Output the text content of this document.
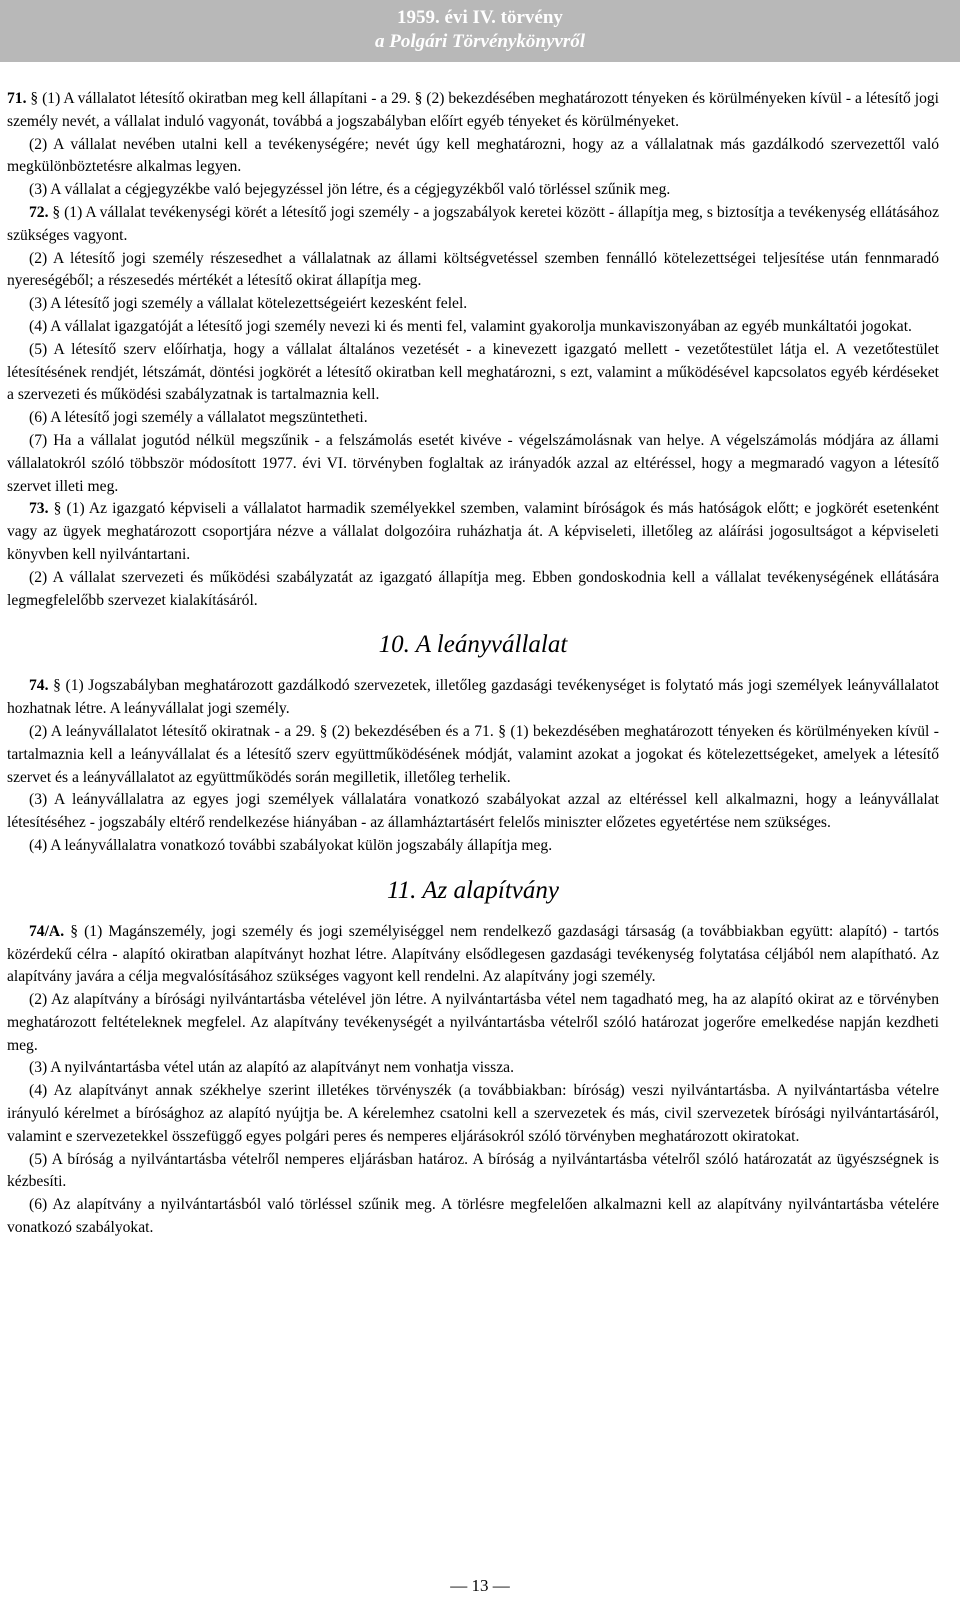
1959. évi IV. törvény
a Polgári Törvénykönyvről

71. § (1) A vállalatot létesítő okiratban meg kell állapítani - a 29. § (2) bekezdésében meghatározott tényeken és körülményeken kívül - a létesítő jogi személy nevét, a vállalat induló vagyonát, továbbá a jogszabályban előírt egyéb tényeket és körülményeket.

(2) A vállalat nevében utalni kell a tevékenységére; nevét úgy kell meghatározni, hogy az a vállalatnak más gazdálkodó szervezettől való megkülönböztetésre alkalmas legyen.

(3) A vállalat a cégjegyzékbe való bejegyzéssel jön létre, és a cégjegyzékből való törléssel szűnik meg.

72. § (1) A vállalat tevékenységi körét a létesítő jogi személy - a jogszabályok keretei között - állapítja meg, s biztosítja a tevékenység ellátásához szükséges vagyont.

(2) A létesítő jogi személy részesedhet a vállalatnak az állami költségvetéssel szemben fennálló kötelezettségei teljesítése után fennmaradó nyereségéből; a részesedés mértékét a létesítő okirat állapítja meg.

(3) A létesítő jogi személy a vállalat kötelezettségeiért kezesként felel.

(4) A vállalat igazgatóját a létesítő jogi személy nevezi ki és menti fel, valamint gyakorolja munkaviszonyában az egyéb munkáltatói jogokat.

(5) A létesítő szerv előírhatja, hogy a vállalat általános vezetését - a kinevezett igazgató mellett - vezetőtestület látja el. A vezetőtestület létesítésének rendjét, létszámát, döntési jogkörét a létesítő okiratban kell meghatározni, s ezt, valamint a működésével kapcsolatos egyéb kérdéseket a szervezeti és működési szabályzatnak is tartalmaznia kell.

(6) A létesítő jogi személy a vállalatot megszüntetheti.

(7) Ha a vállalat jogutód nélkül megszűnik - a felszámolás esetét kivéve - végelszámolásnak van helye. A végelszámolás módjára az állami vállalatokról szóló többször módosított 1977. évi VI. törvényben foglaltak az irányadók azzal az eltéréssel, hogy a megmaradó vagyon a létesítő szervet illeti meg.

73. § (1) Az igazgató képviseli a vállalatot harmadik személyekkel szemben, valamint bíróságok és más hatóságok előtt; e jogkörét esetenként vagy az ügyek meghatározott csoportjára nézve a vállalat dolgozóira ruházhatja át. A képviseleti, illetőleg az aláírási jogosultságot a képviseleti könyvben kell nyilvántartani.

(2) A vállalat szervezeti és működési szabályzatát az igazgató állapítja meg. Ebben gondoskodnia kell a vállalat tevékenységének ellátására legmegfelelőbb szervezet kialakításáról.

10. A leányvállalat

74. § (1) Jogszabályban meghatározott gazdálkodó szervezetek, illetőleg gazdasági tevékenységet is folytató más jogi személyek leányvállalatot hozhatnak létre. A leányvállalat jogi személy.

(2) A leányvállalatot létesítő okiratnak - a 29. § (2) bekezdésében és a 71. § (1) bekezdésében meghatározott tényeken és körülményeken kívül - tartalmaznia kell a leányvállalat és a létesítő szerv együttműködésének módját, valamint azokat a jogokat és kötelezettségeket, amelyek a létesítő szervet és a leányvállalatot az együttműködés során megilletik, illetőleg terhelik.

(3) A leányvállalatra az egyes jogi személyek vállalatára vonatkozó szabályokat azzal az eltéréssel kell alkalmazni, hogy a leányvállalat létesítéséhez - jogszabály eltérő rendelkezése hiányában - az államháztartásért felelős miniszter előzetes egyetértése nem szükséges.

(4) A leányvállalatra vonatkozó további szabályokat külön jogszabály állapítja meg.

11. Az alapítvány

74/A. § (1) Magánszemély, jogi személy és jogi személyiséggel nem rendelkező gazdasági társaság (a továbbiakban együtt: alapító) - tartós közérdekű célra - alapító okiratban alapítványt hozhat létre. Alapítvány elsődlegesen gazdasági tevékenység folytatása céljából nem alapítható. Az alapítvány javára a célja megvalósításához szükséges vagyont kell rendelni. Az alapítvány jogi személy.

(2) Az alapítvány a bírósági nyilvántartásba vételével jön létre. A nyilvántartásba vétel nem tagadható meg, ha az alapító okirat az e törvényben meghatározott feltételeknek megfelel. Az alapítvány tevékenységét a nyilvántartásba vételről szóló határozat jogerőre emelkedése napján kezdheti meg.

(3) A nyilvántartásba vétel után az alapító az alapítványt nem vonhatja vissza.

(4) Az alapítványt annak székhelye szerint illetékes törvényszék (a továbbiakban: bíróság) veszi nyilvántartásba. A nyilvántartásba vételre irányuló kérelmet a bírósághoz az alapító nyújtja be. A kérelemhez csatolni kell a szervezetek és más, civil szervezetek bírósági nyilvántartásáról, valamint e szervezetekkel összefüggő egyes polgári peres és nemperes eljárásokról szóló törvényben meghatározott okiratokat.

(5) A bíróság a nyilvántartásba vételről nemperes eljárásban határoz. A bíróság a nyilvántartásba vételről szóló határozatát az ügyészségnek is kézbesíti.

(6) Az alapítvány a nyilvántartásból való törléssel szűnik meg. A törlésre megfelelően alkalmazni kell az alapítvány nyilvántartásba vételére vonatkozó szabályokat.

— 13 —
